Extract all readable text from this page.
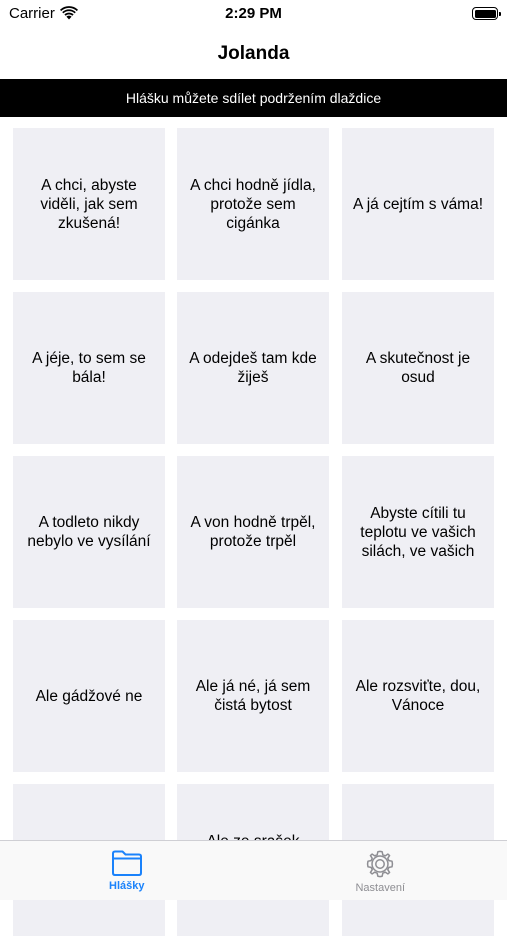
Carrier	2:29 PM
Jolanda
Hlášku můžete sdílet podržením dlaždice
A chci, abyste viděli, jak sem zkušená!
A chci hodně jídla, protože sem cigánka
A já cejtím s váma!
A jéje, to sem se bála!
A odejdeš tam kde žiješ
A skutečnost je osud
A todleto nikdy nebylo ve vysílání
A von hodně trpěl, protože trpěl
Abyste cítili tu teplotu ve vašich silách, ve vašich
Ale gádžové ne
Ale já né, já sem čistá bytost
Ale rozsviťte, dou, Vánoce
Hlášky	Nastavení
